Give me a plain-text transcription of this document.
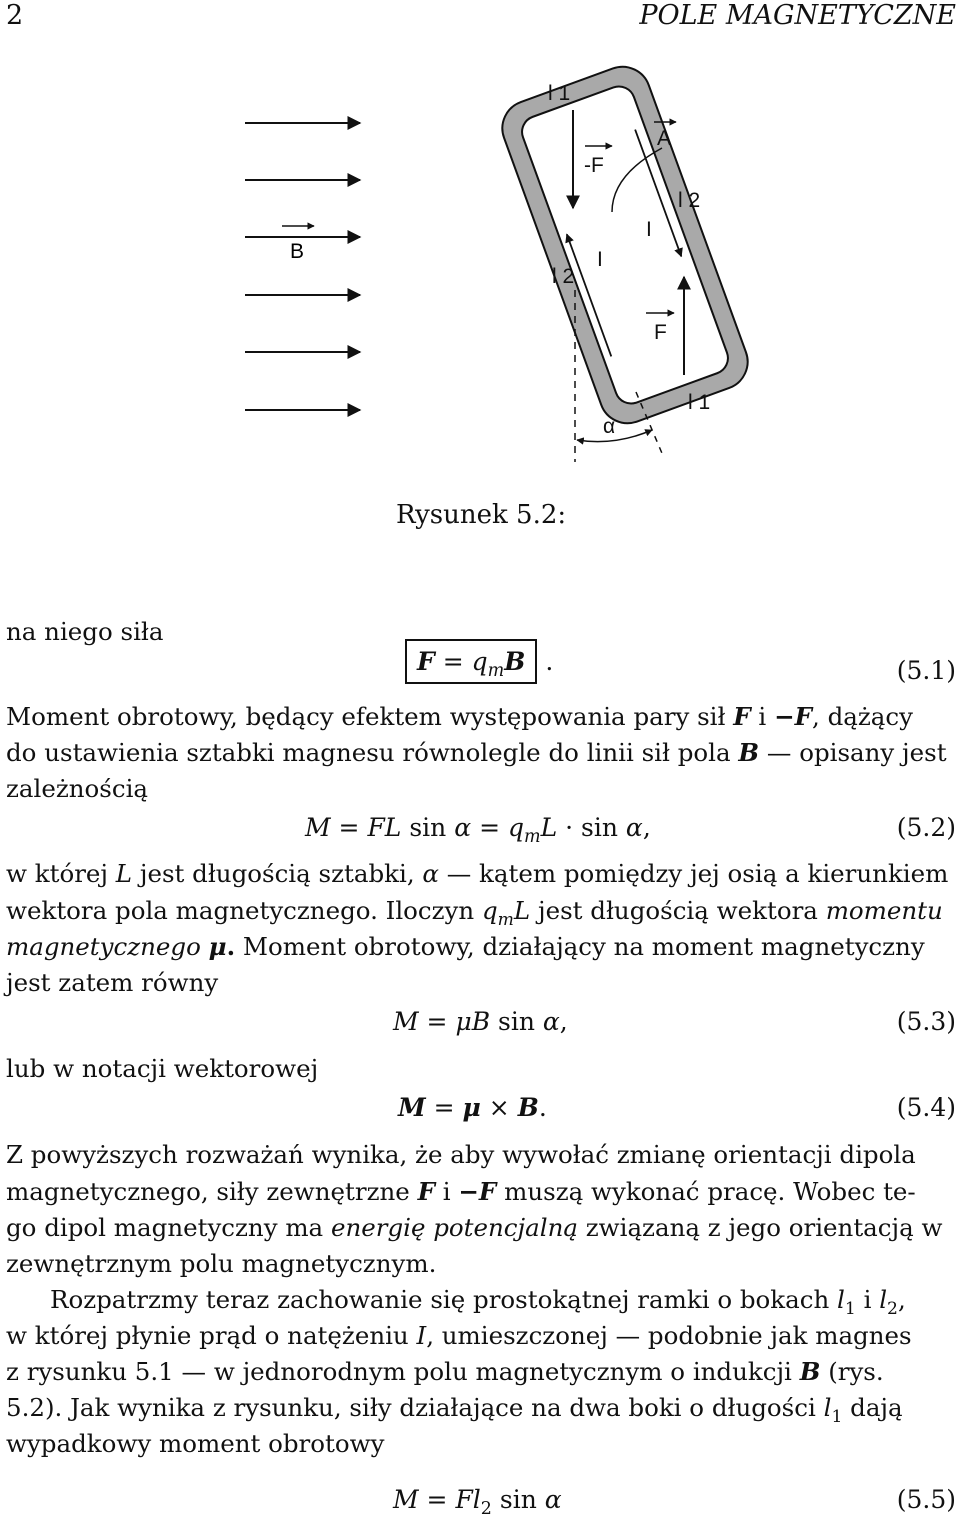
2	POLE MAGNETYCZNE
B
l 1
-F
A
l 2
I
I
l 2
F
l 1
α
Rysunek 5.2:
na niego siła
$F = q_mB$ .	(5.1)
Moment obrotowy, będący efektem występowania pary sił F i −F, dążący
do ustawienia sztabki magnesu równolegle do linii sił pola B — opisany jest
zależnością
M = FL $\sin \alpha = q_mL \cdot \sin \alpha$,	(5.2)
w której L jest długością sztabki, α — kątem pomiędzy jej osią a kierunkiem
wektora pola magnetycznego. Iloczyn $q_mL$ jest długością wektora momentu
magnetycznego μ. Moment obrotowy, działający na moment magnetyczny
jest zatem równy
M = μB sin α,	(5.3)
lub w notacji wektorowej
M = μ × B.	(5.4)
Z powyższych rozważań wynika, że aby wywołać zmianę orientacji dipola
magnetycznego, siły zewnętrzne F i −F muszą wykonać pracę. Wobec te-
go dipol magnetyczny ma energię potencjalną związaną z jego orientacją w
zewnętrznym polu magnetycznym.
Rozpatrzmy teraz zachowanie się prostokątnej ramki o bokach $l_1$ i $l_2$,
w której płynie prąd o natężeniu I, umieszczonej — podobnie jak magnes
z rysunku 5.1 — w jednorodnym polu magnetycznym o indukcji B (rys.
5.2). Jak wynika z rysunku, siły działające na dwa boki o długości $l_1$ dają
wypadkowy moment obrotowy
$M = Fl_2$ sin α	(5.5)
